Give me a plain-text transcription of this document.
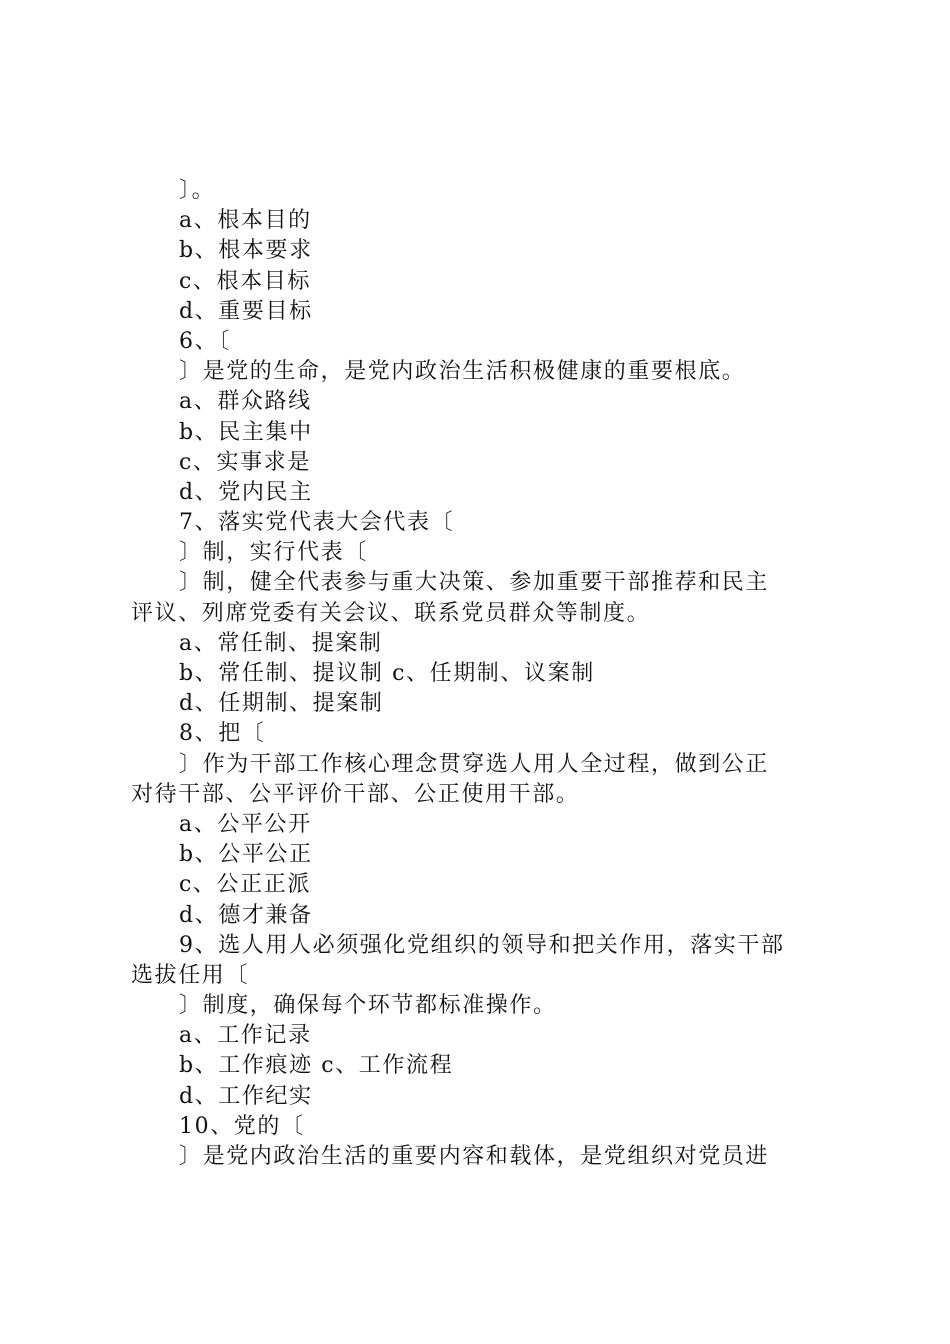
〕。
a、根本目的
b、根本要求
c、根本目标
d、重要目标
6、〔
〕是党的生命，是党内政治生活积极健康的重要根底。
a、群众路线
b、民主集中
c、实事求是
d、党内民主
7、落实党代表大会代表〔
〕制，实行代表〔
〕制，健全代表参与重大决策、参加重要干部推荐和民主
评议、列席党委有关会议、联系党员群众等制度。
a、常任制、提案制
b、常任制、提议制 c、任期制、议案制
d、任期制、提案制
8、把〔
〕作为干部工作核心理念贯穿选人用人全过程，做到公正
对待干部、公平评价干部、公正使用干部。
a、公平公开
b、公平公正
c、公正正派
d、德才兼备
9、选人用人必须强化党组织的领导和把关作用，落实干部
选拔任用〔
〕制度，确保每个环节都标准操作。
a、工作记录
b、工作痕迹 c、工作流程
d、工作纪实
10、党的〔
〕是党内政治生活的重要内容和载体，是党组织对党员进
